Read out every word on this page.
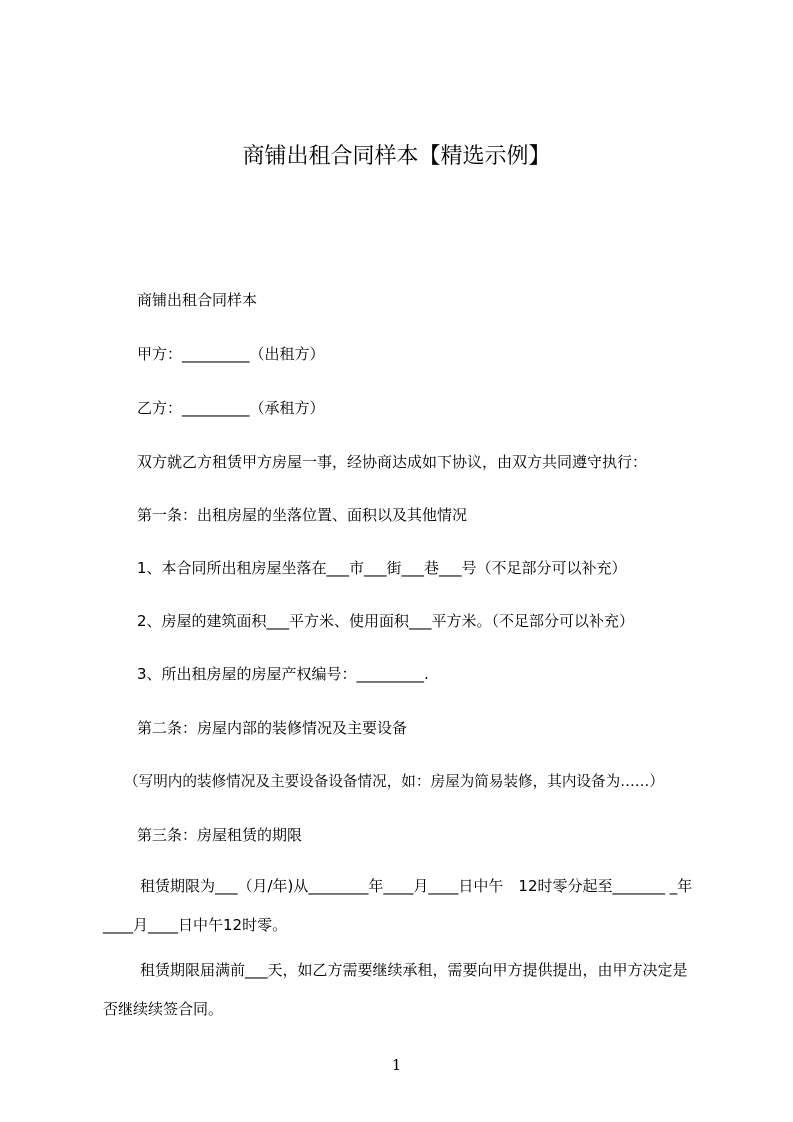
商铺出租合同样本【精选示例】

商铺出租合同样本

甲方：_________（出租方）

乙方：_________（承租方）

双方就乙方租赁甲方房屋一事，经协商达成如下协议，由双方共同遵守执行：

第一条：出租房屋的坐落位置、面积以及其他情况

1、本合同所出租房屋坐落在___市___街___巷___号（不足部分可以补充）

2、房屋的建筑面积___平方米、使用面积___平方米。（不足部分可以补充）

3、所出租房屋的房屋产权编号：_________.

第二条：房屋内部的装修情况及主要设备

（写明内的装修情况及主要设备设备情况，如：房屋为简易装修，其内设备为……）

第三条：房屋租赁的期限

租赁期限为___（月/年)从________年____月____日中午　12时零分起至_______ _年____月____日中午12时零。

租赁期限届满前___天，如乙方需要继续承租，需要向甲方提供提出，由甲方决定是否继续续签合同。

1
